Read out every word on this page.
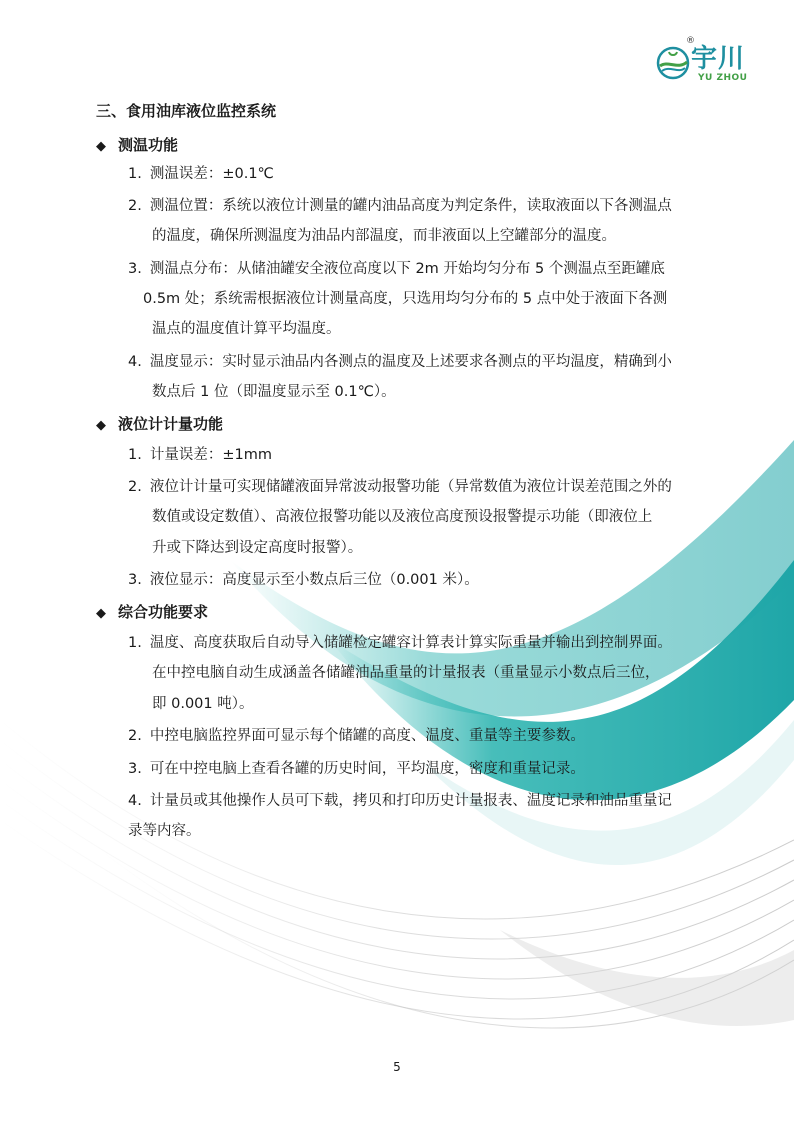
®
宇川
YU ZHOU
三、食用油库液位监控系统
◆ 测温功能
1. 测温误差：±0.1℃
2. 测温位置：系统以液位计测量的罐内油品高度为判定条件，读取液面以下各测温点
的温度，确保所测温度为油品内部温度，而非液面以上空罐部分的温度。
3. 测温点分布：从储油罐安全液位高度以下 2m 开始均匀分布 5 个测温点至距罐底
0.5m 处；系统需根据液位计测量高度，只选用均匀分布的 5 点中处于液面下各测
温点的温度值计算平均温度。
4. 温度显示：实时显示油品内各测点的温度及上述要求各测点的平均温度，精确到小
数点后 1 位（即温度显示至 0.1℃）。
◆ 液位计计量功能
1. 计量误差：±1mm
2. 液位计计量可实现储罐液面异常波动报警功能（异常数值为液位计误差范围之外的
数值或设定数值）、高液位报警功能以及液位高度预设报警提示功能（即液位上
升或下降达到设定高度时报警）。
3. 液位显示：高度显示至小数点后三位（0.001 米）。
◆ 综合功能要求
1. 温度、高度获取后自动导入储罐检定罐容计算表计算实际重量并输出到控制界面。
在中控电脑自动生成涵盖各储罐油品重量的计量报表（重量显示小数点后三位，
即 0.001 吨）。
2. 中控电脑监控界面可显示每个储罐的高度、温度、重量等主要参数。
3. 可在中控电脑上查看各罐的历史时间，平均温度，密度和重量记录。
4. 计量员或其他操作人员可下载，拷贝和打印历史计量报表、温度记录和油品重量记
录等内容。
5
